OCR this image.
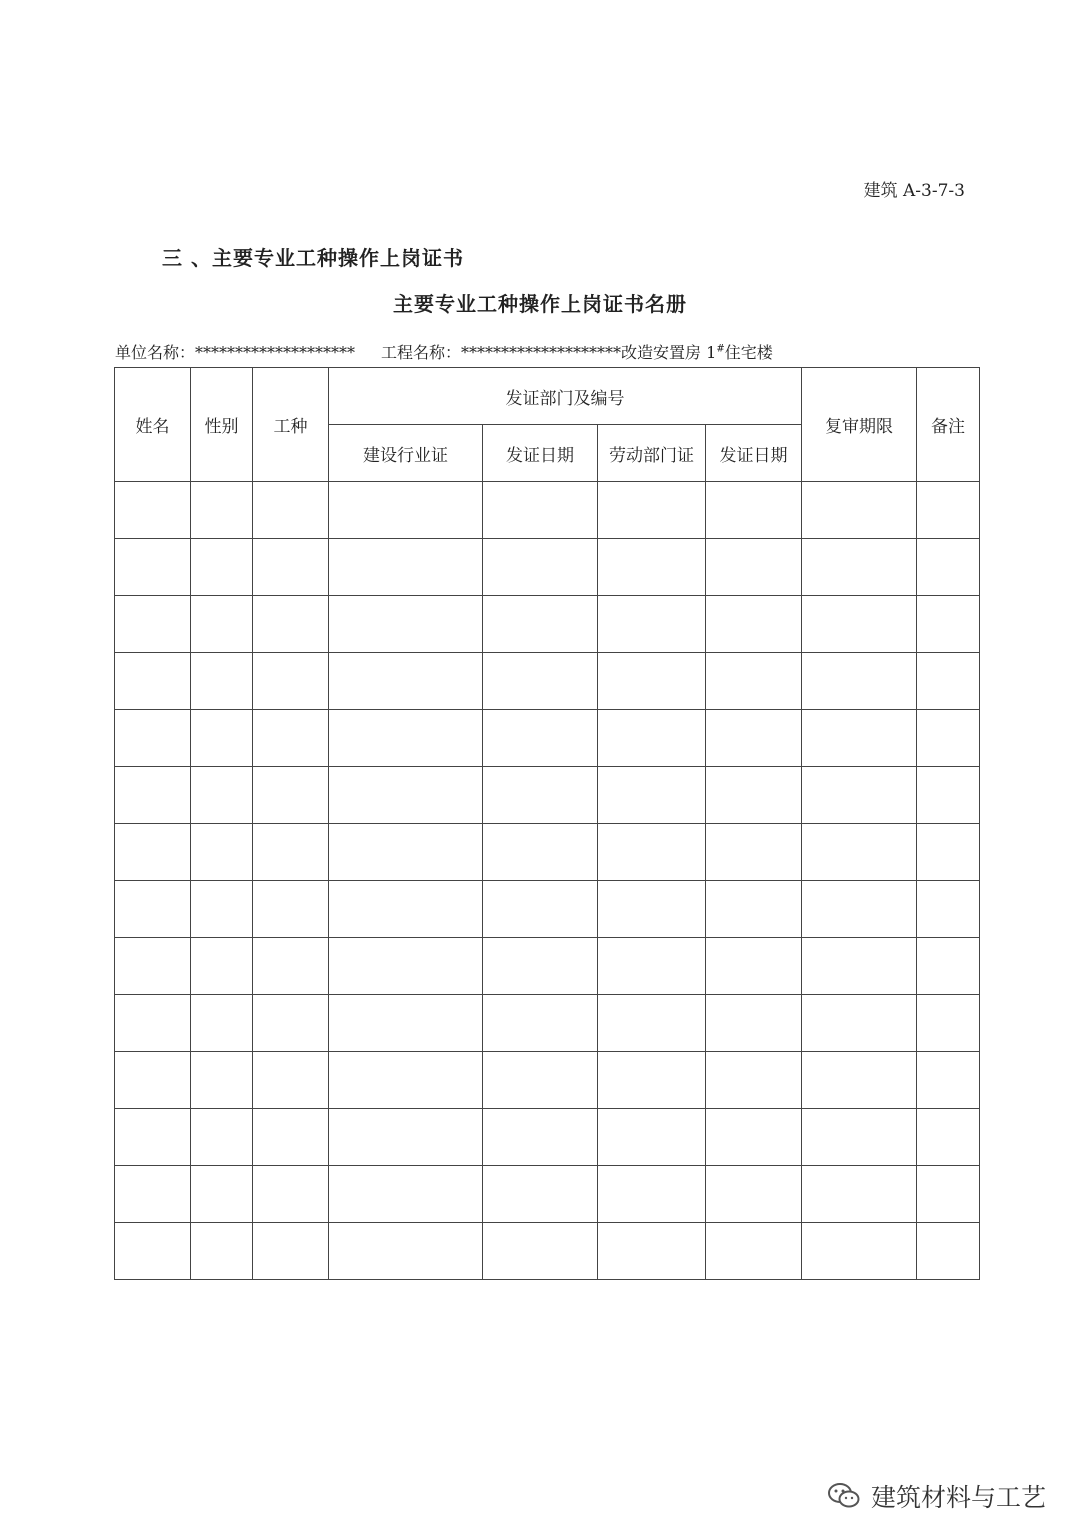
建筑 A-3-7-3
三 、主要专业工种操作上岗证书
主要专业工种操作上岗证书名册
单位名称：******************** 工程名称：********************改造安置房 1#住宅楼
姓名	性别	工种	发证部门及编号				复审期限	备注
			建设行业证	发证日期	劳动部门证	发证日期		

建筑材料与工艺
